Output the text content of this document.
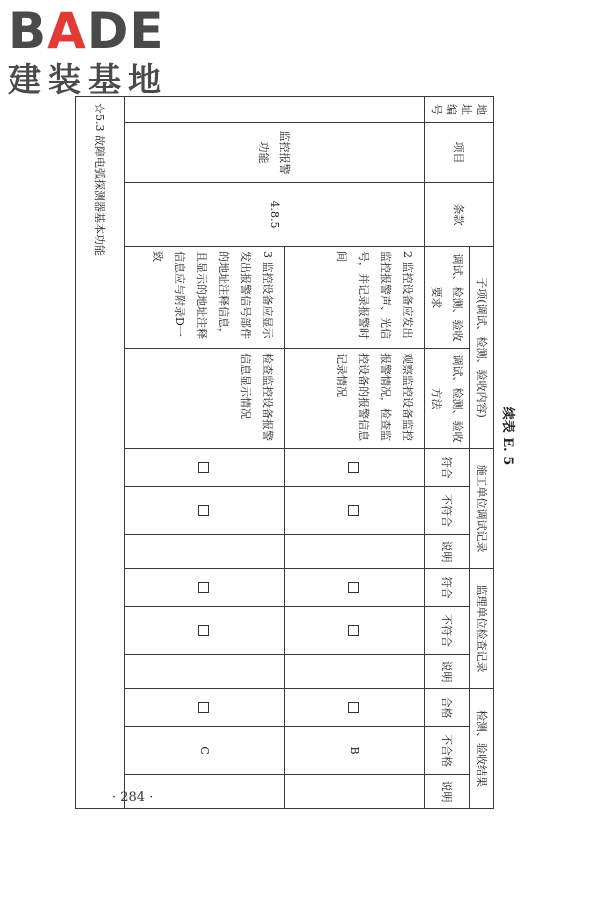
BADE
建装基地
续表 E. 5
地址编号	项目	条款	子项(调试、检测、验收内容)		施工单位调试记录			监理单位检查记录			检测、验收结果		
			调试、检测、验收要求	调试、检测、验收方法	符合	不符合	说明	符合	不符合	说明	合格	不合格	说明
	监控报警功能	4.8.5	2 监控设备应发出监控报警声、光信号，并记录报警时间	观察监控设备监控报警情况，检查监控设备的报警信息记录情况								B	
			3 监控设备应显示发出报警信号部件的地址注释信息，且显示的地址注释信息应与附录D一致	检查监控设备报警信息显示情况								C	
☆5.3 故障电弧探测器基本功能													
· 284 ·
